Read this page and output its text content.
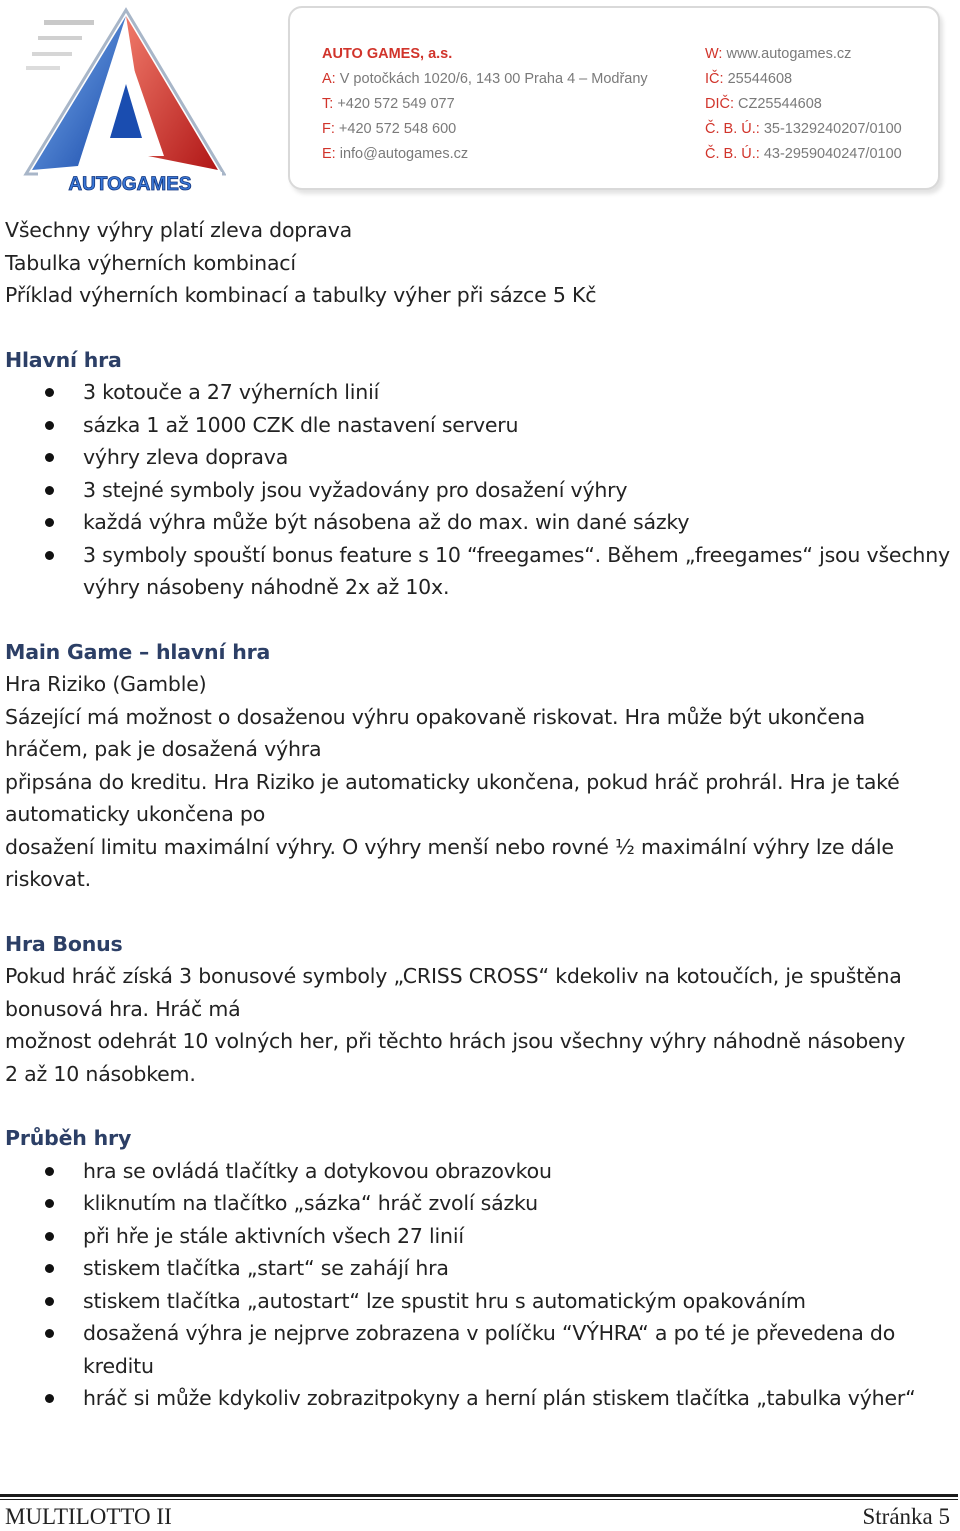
AUTOGAMES
AUTO GAMES, a.s.
A: V potočkách 1020/6, 143 00 Praha 4 – Modřany
T: +420 572 549 077
F: +420 572 548 600
E: info@autogames.cz
W: www.autogames.cz
IČ: 25544608
DIČ: CZ25544608
Č. B. Ú.: 35-1329240207/0100
Č. B. Ú.: 43-2959040247/0100
Všechny výhry platí zleva doprava
Tabulka výherních kombinací
Příklad výherních kombinací a tabulky výher při sázce 5 Kč
Hlavní hra
3 kotouče a 27 výherních linií
sázka 1 až 1000 CZK dle nastavení serveru
výhry zleva doprava
3 stejné symboly jsou vyžadovány pro dosažení výhry
každá výhra může být násobena až do max. win dané sázky
3 symboly spouští bonus feature s 10 “freegames“. Během „freegames“ jsou všechny výhry násobeny náhodně 2x až 10x.
Main Game – hlavní hra
Hra Riziko (Gamble)
Sázející má možnost o dosaženou výhru opakovaně riskovat. Hra může být ukončena
hráčem, pak je dosažená výhra
připsána do kreditu. Hra Riziko je automaticky ukončena, pokud hráč prohrál. Hra je také
automaticky ukončena po
dosažení limitu maximální výhry. O výhry menší nebo rovné ½ maximální výhry lze dále
riskovat.
Hra Bonus
Pokud hráč získá 3 bonusové symboly „CRISS CROSS“ kdekoliv na kotoučích, je spuštěna
bonusová hra. Hráč má
možnost odehrát 10 volných her, při těchto hrách jsou všechny výhry náhodně násobeny
2 až 10 násobkem.
Průběh hry
hra se ovládá tlačítky a dotykovou obrazovkou
kliknutím na tlačítko „sázka“ hráč zvolí sázku
při hře je stále aktivních všech 27 linií
stiskem tlačítka „start“ se zahájí hra
stiskem tlačítka „autostart“ lze spustit hru s automatickým opakováním
dosažená výhra je nejprve zobrazena v políčku “VÝHRA“ a po té je převedena do kreditu
hráč si může kdykoliv zobrazitpokyny a herní plán stiskem tlačítka „tabulka výher“
MULTILOTTO II	Stránka 5
